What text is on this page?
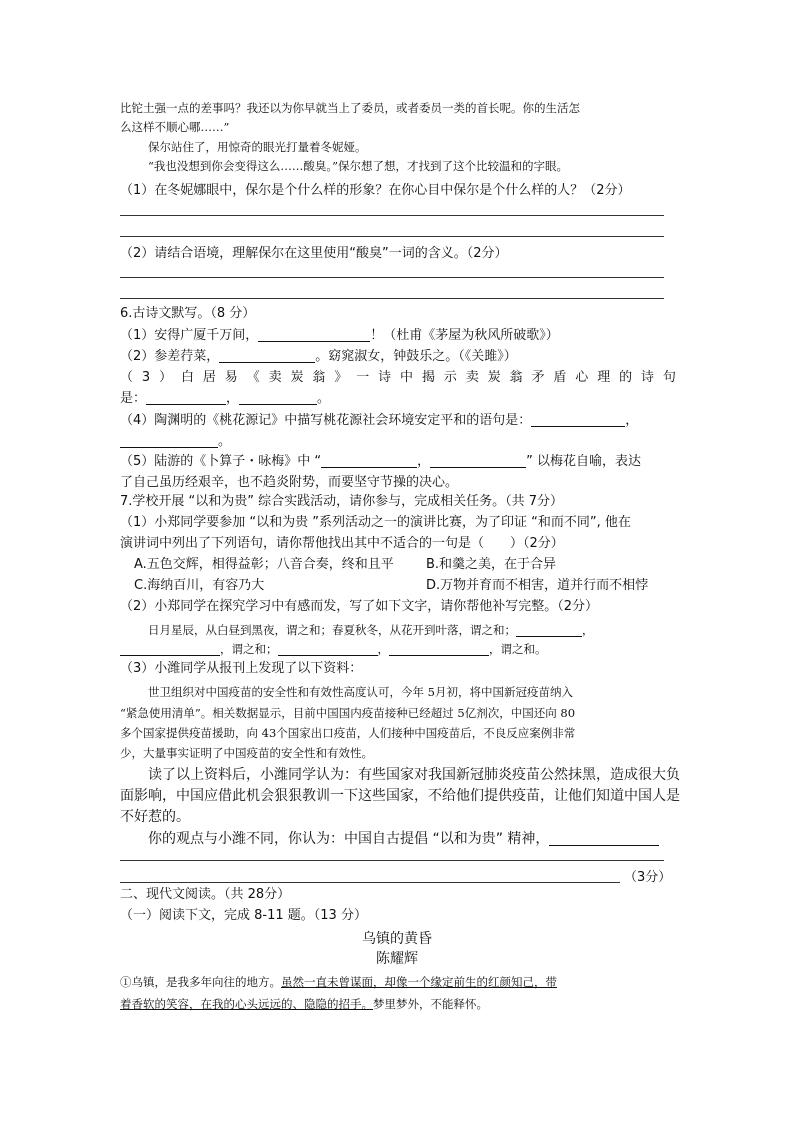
比铊土强一点的差事吗？我还以为你早就当上了委员，或者委员一类的首长呢。你的生活怎
么这样不顺心哪……”
保尔站住了，用惊奇的眼光打量着冬妮娅。
“我也没想到你会变得这么……酸臭。”保尔想了想，才找到了这个比较温和的字眼。
（1）在冬妮娜眼中，保尔是个什么样的形象？在你心目中保尔是个什么样的人？（2分）
（2）请结合语境，理解保尔在这里使用“酸臭”一词的含义。（2分）
6.古诗文默写。（8 分）
（1）安得广厦千万间，	！（杜甫《茅屋为秋风所破歌》）
（2）参差荇菜，	。窈窕淑女，钟鼓乐之。（《关雎》）
（ 3 ） 白 居 易 《 卖 炭 翁 》 一 诗 中 揭 示 卖 炭 翁 矛 盾 心 理 的 诗 句
是：	，	。
（4）陶渊明的《桃花源记》中描写桃花源社会环境安定平和的语句是：	，
。
（5）陆游的《卜算子・咏梅》中 “	，	” 以梅花自喻，表达
了自己虽历经艰辛，也不趋炎附势，而要坚守节操的决心。
7.学校开展 “以和为贵” 综合实践活动，请你参与，完成相关任务。（共 7分）
（1）小郑同学要参加 “以和为贵 ”系列活动之一的演讲比赛，为了印证 “和而不同”, 他在
演讲词中列出了下列语句，请你帮他找出其中不适合的一句是（　　）（2分）
A.五色交辉，相得益彰；八音合奏，终和且平 B.和羹之美，在于合异
C.海纳百川，有容乃大	D.万物并育而不相害，道并行而不相悖
（2）小郑同学在探究学习中有感而发，写了如下文字，请你帮他补写完整。（2分）
日月星辰，从白昼到黑夜，谓之和；春夏秋冬，从花开到叶落，谓之和；	，
，谓之和；	，	，谓之和。
（3）小潍同学从报刊上发现了以下资料：
世卫组织对中国疫苗的安全性和有效性高度认可，今年 5月初，将中国新冠疫苗纳入
“紧急使用清单”。相关数据显示，目前中国国内疫苗接种已经超过 5亿剂次，中国还向 80
多个国家提供疫苗援助，向 43个国家出口疫苗，人们接种中国疫苗后，不良反应案例非常
少，大量事实证明了中国疫苗的安全性和有效性。
读了以上资料后，小潍同学认为：有些国家对我国新冠肺炎疫苗公然抹黑，造成很大负
面影响，中国应借此机会狠狠教训一下这些国家，不给他们提供疫苗，让他们知道中国人是
不好惹的。
你的观点与小潍不同，你认为：中国自古提倡 “以和为贵” 精神，
（3分）
二、现代文阅读。（共 28分）
（一）阅读下文，完成 8-11 题。（13 分）
乌镇的黄昏
陈耀辉
①乌镇，是我多年向往的地方。虽然一直未曾谋面，却像一个缘定前生的红颜知己，带
着香软的笑容，在我的心头远远的、隐隐的招手。梦里梦外，不能释怀。
